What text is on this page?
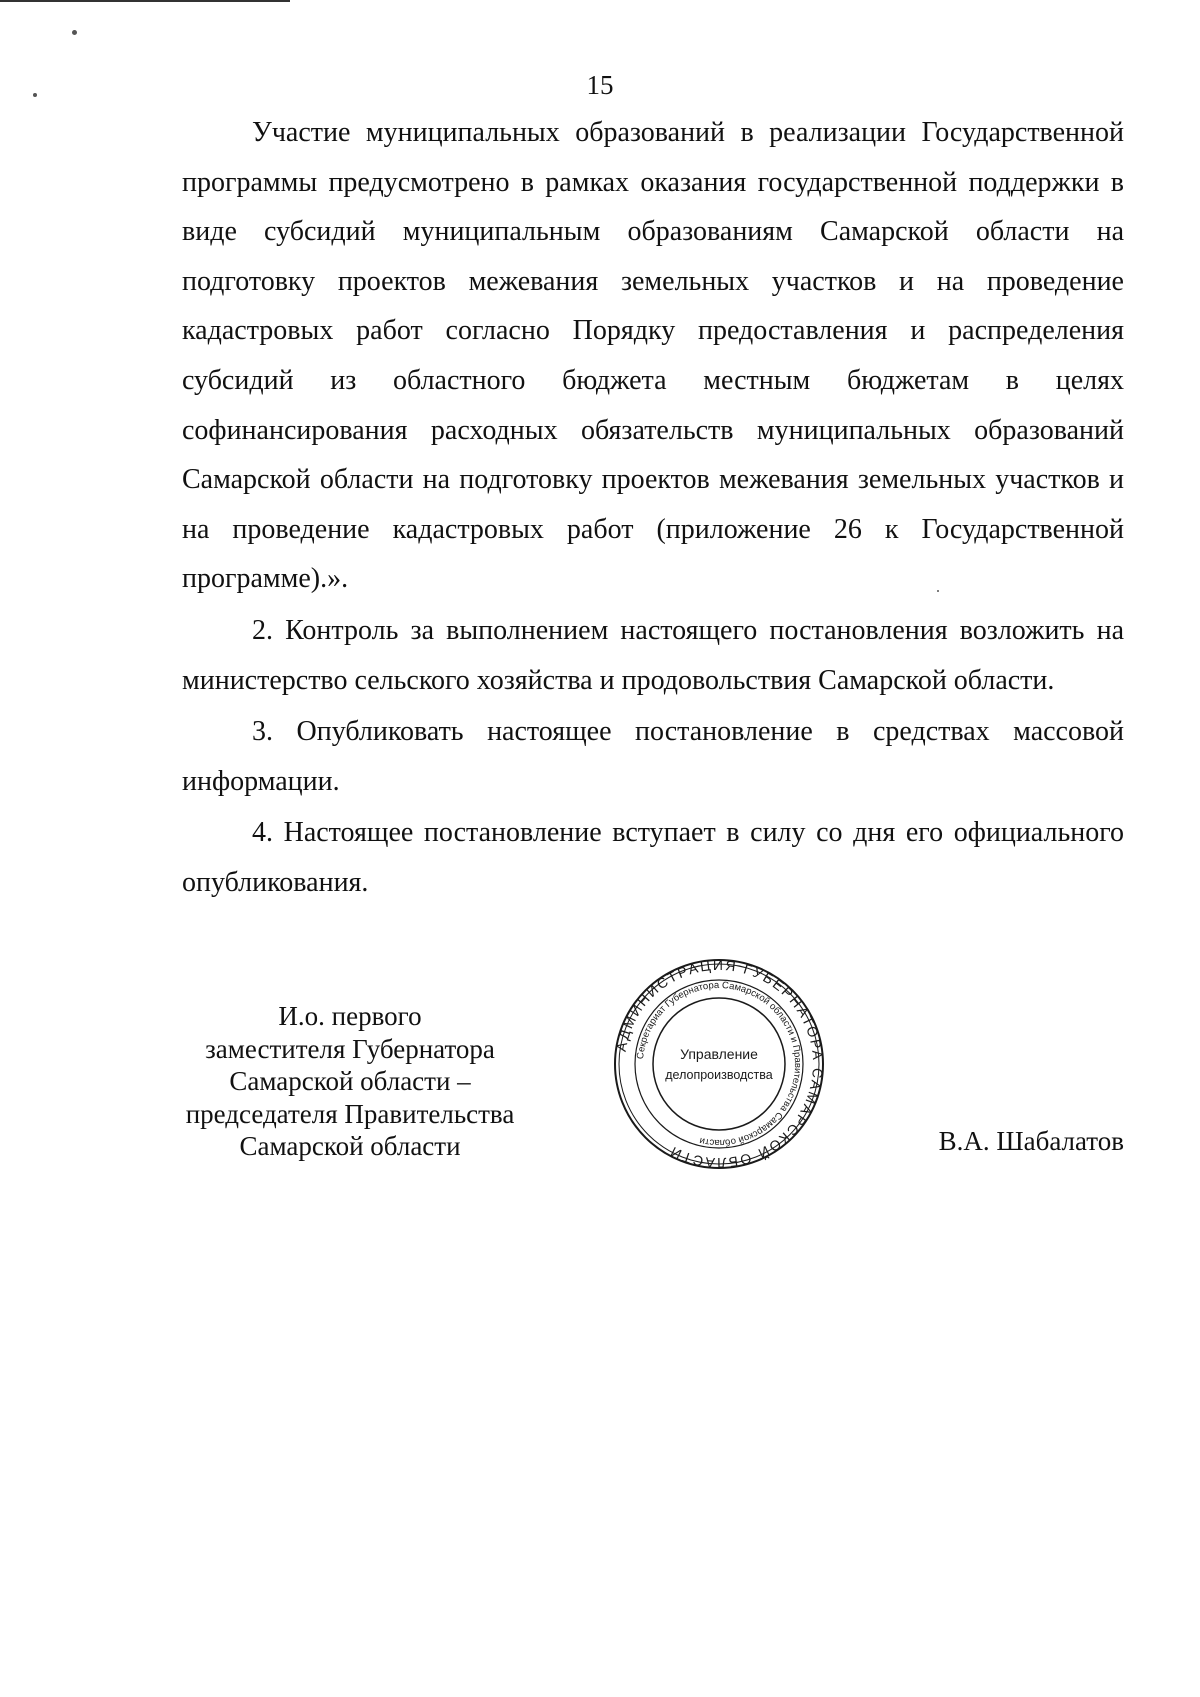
15

Участие муниципальных образований в реализации Государственной программы предусмотрено в рамках оказания государственной поддержки в виде субсидий муниципальным образованиям Самарской области на подготовку проектов межевания земельных участков и на проведение кадастровых работ согласно Порядку предоставления и распределения субсидий из областного бюджета местным бюджетам в целях софинансирования расходных обязательств муниципальных образований Самарской области на подготовку проектов межевания земельных участков и на проведение кадастровых работ (приложение 26 к Государственной программе).».

2. Контроль за выполнением настоящего постановления возложить на министерство сельского хозяйства и продовольствия Самарской области.

3. Опубликовать настоящее постановление в средствах массовой информации.

4. Настоящее постановление вступает в силу со дня его официального опубликования.

И.о. первого
заместителя Губернатора
Самарской области –
председателя Правительства
Самарской области
АДМИНИСТРАЦИЯ ГУБЕРНАТОРА САМАРСКОЙ ОБЛАСТИ
Секретариат Губернатора Самарской области и Правительства Самарской области
Управление
делопроизводства
В.А. Шабалатов
